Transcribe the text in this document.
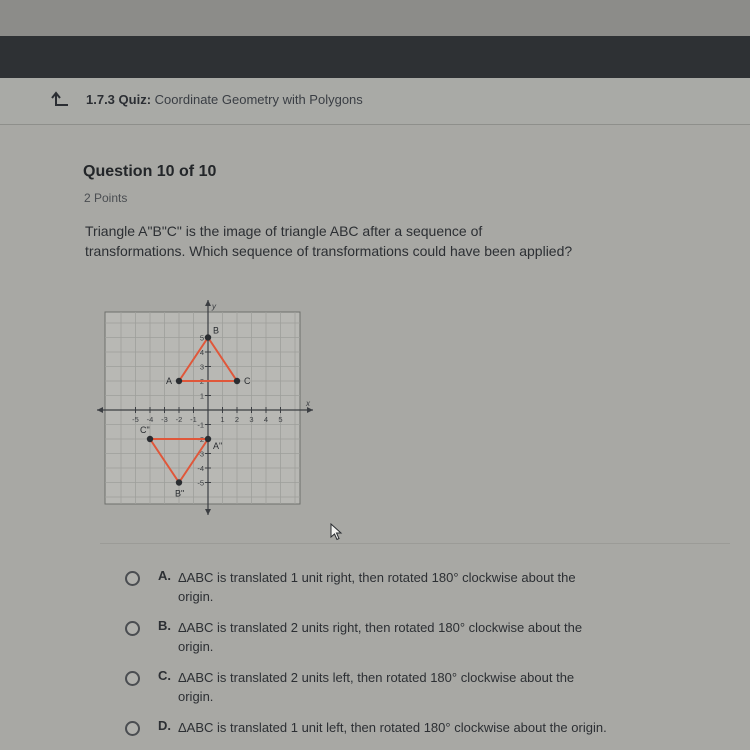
1.7.3 Quiz: Coordinate Geometry with Polygons
Question 10 of 10
2 Points
Triangle A"B"C" is the image of triangle ABC after a sequence of transformations. Which sequence of transformations could have been applied?
y
x
-5 -4 -3 -2 -1	1 2 3 4 5
5
4
3
2
1
-1
-2
-3
-4
-5
A
B
C
A"
B"
C"
A. ΔABC is translated 1 unit right, then rotated 180° clockwise about the origin.
B. ΔABC is translated 2 units right, then rotated 180° clockwise about the origin.
C. ΔABC is translated 2 units left, then rotated 180° clockwise about the origin.
D. ΔABC is translated 1 unit left, then rotated 180° clockwise about the origin.
